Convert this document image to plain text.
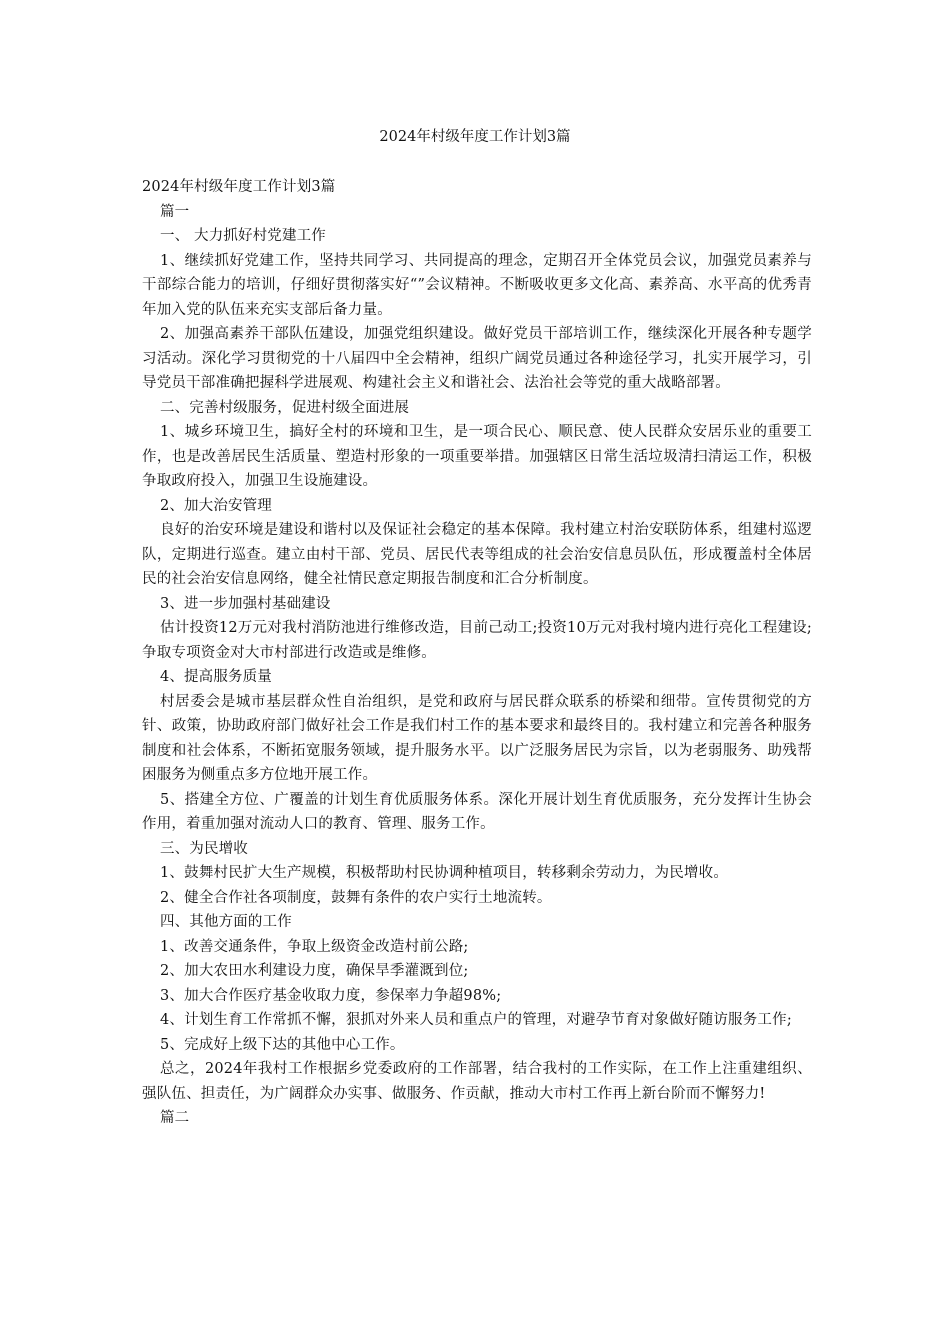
2024年村级年度工作计划3篇

2024年村级年度工作计划3篇

篇一

一、 大力抓好村党建工作

1、继续抓好党建工作，坚持共同学习、共同提高的理念，定期召开全体党员会议，加强党员素养与干部综合能力的培训，仔细好贯彻落实好“”会议精神。不断吸收更多文化高、素养高、水平高的优秀青年加入党的队伍来充实支部后备力量。

2、加强高素养干部队伍建设，加强党组织建设。做好党员干部培训工作，继续深化开展各种专题学习活动。深化学习贯彻党的十八届四中全会精神，组织广阔党员通过各种途径学习，扎实开展学习，引导党员干部准确把握科学进展观、构建社会主义和谐社会、法治社会等党的重大战略部署。

二、完善村级服务，促进村级全面进展

1、城乡环境卫生，搞好全村的环境和卫生，是一项合民心、顺民意、使人民群众安居乐业的重要工作，也是改善居民生活质量、塑造村形象的一项重要举措。加强辖区日常生活垃圾清扫清运工作，积极争取政府投入，加强卫生设施建设。

2、加大治安管理

良好的治安环境是建设和谐村以及保证社会稳定的基本保障。我村建立村治安联防体系，组建村巡逻队，定期进行巡查。建立由村干部、党员、居民代表等组成的社会治安信息员队伍，形成覆盖村全体居民的社会治安信息网络，健全社情民意定期报告制度和汇合分析制度。

3、进一步加强村基础建设

估计投资12万元对我村消防池进行维修改造，目前己动工;投资10万元对我村境内进行亮化工程建设;争取专项资金对大市村部进行改造或是维修。

4、提高服务质量

村居委会是城市基层群众性自治组织，是党和政府与居民群众联系的桥梁和细带。宣传贯彻党的方针、政策，协助政府部门做好社会工作是我们村工作的基本要求和最终目的。我村建立和完善各种服务制度和社会体系，不断拓宽服务领域，提升服务水平。以广泛服务居民为宗旨，以为老弱服务、助残帮困服务为侧重点多方位地开展工作。

5、搭建全方位、广覆盖的计划生育优质服务体系。深化开展计划生育优质服务，充分发挥计生协会作用，着重加强对流动人口的教育、管理、服务工作。

三、为民增收

1、鼓舞村民扩大生产规模，积极帮助村民协调种植项目，转移剩余劳动力，为民增收。

2、健全合作社各项制度，鼓舞有条件的农户实行土地流转。

四、其他方面的工作

1、改善交通条件，争取上级资金改造村前公路;

2、加大农田水利建设力度，确保旱季灌溉到位;

3、加大合作医疗基金收取力度，参保率力争超98%;

4、计划生育工作常抓不懈，狠抓对外来人员和重点户的管理，对避孕节育对象做好随访服务工作;

5、完成好上级下达的其他中心工作。

总之，2024年我村工作根据乡党委政府的工作部署，结合我村的工作实际，在工作上注重建组织、强队伍、担责任，为广阔群众办实事、做服务、作贡献，推动大市村工作再上新台阶而不懈努力!

篇二
